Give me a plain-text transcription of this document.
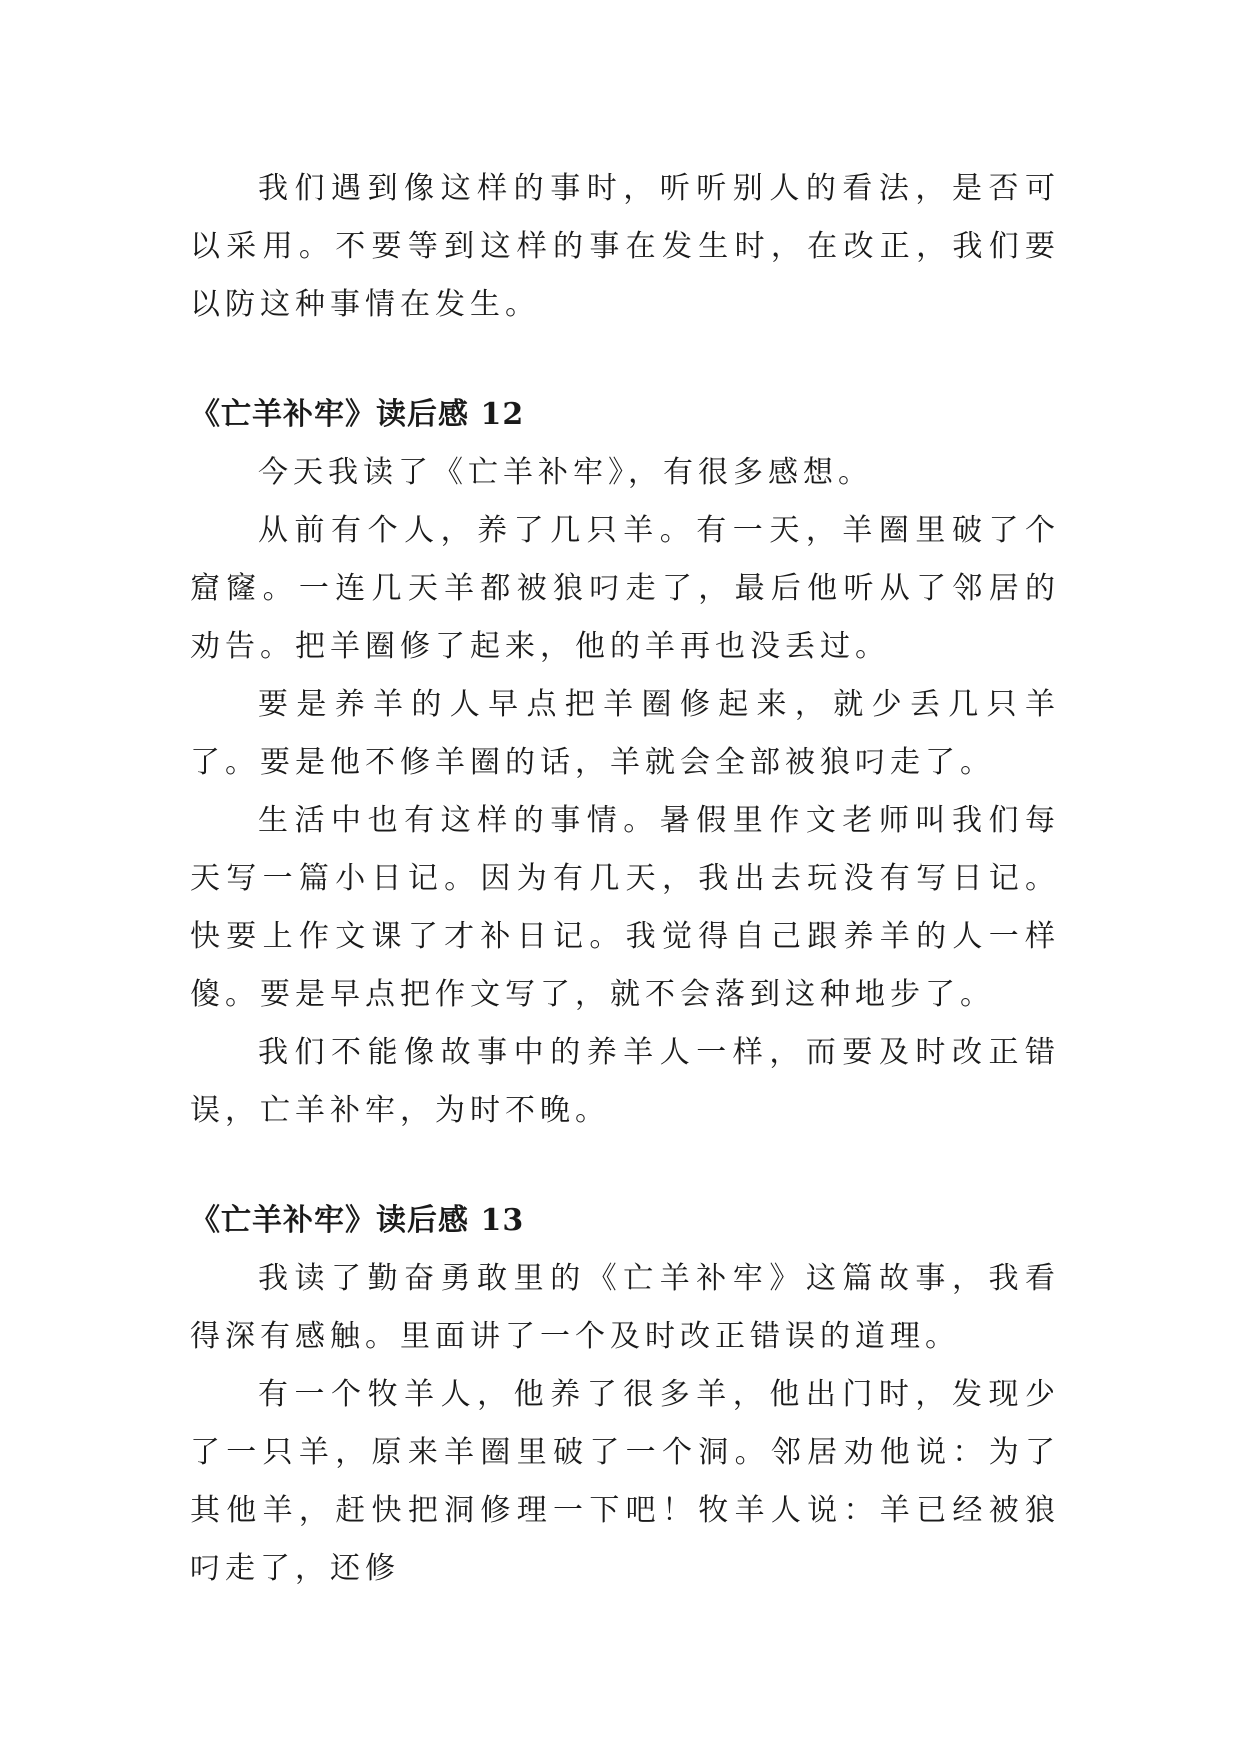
我们遇到像这样的事时，听听别人的看法，是否可以采用。不要等到这样的事在发生时，在改正，我们要以防这种事情在发生。

《亡羊补牢》读后感 12

今天我读了《亡羊补牢》，有很多感想。

从前有个人，养了几只羊。有一天，羊圈里破了个窟窿。一连几天羊都被狼叼走了，最后他听从了邻居的劝告。把羊圈修了起来，他的羊再也没丢过。

要是养羊的人早点把羊圈修起来，就少丢几只羊了。要是他不修羊圈的话，羊就会全部被狼叼走了。

生活中也有这样的事情。暑假里作文老师叫我们每天写一篇小日记。因为有几天，我出去玩没有写日记。快要上作文课了才补日记。我觉得自己跟养羊的人一样傻。要是早点把作文写了，就不会落到这种地步了。

我们不能像故事中的养羊人一样，而要及时改正错误，亡羊补牢，为时不晚。

《亡羊补牢》读后感 13

我读了勤奋勇敢里的《亡羊补牢》这篇故事，我看得深有感触。里面讲了一个及时改正错误的道理。

有一个牧羊人，他养了很多羊，他出门时，发现少了一只羊，原来羊圈里破了一个洞。邻居劝他说：为了其他羊，赶快把洞修理一下吧！牧羊人说：羊已经被狼叼走了，还修
